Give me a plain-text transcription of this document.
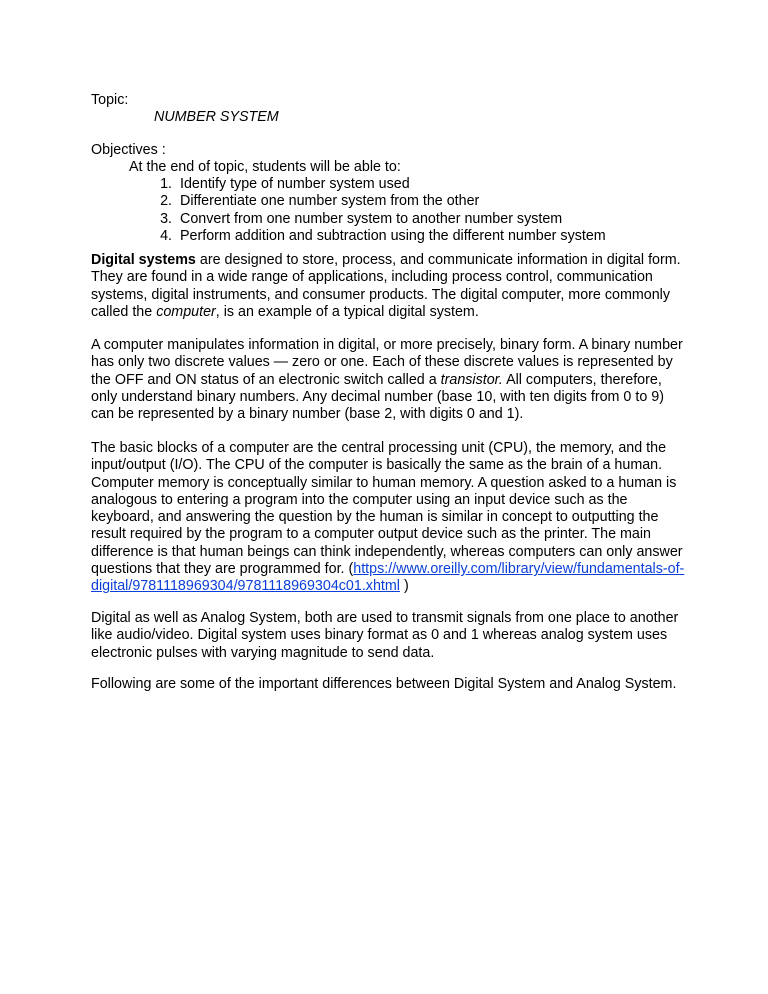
Topic:
NUMBER SYSTEM
Objectives :
At the end of topic, students will be able to:
1. Identify type of number system used
2. Differentiate one number system from the other
3. Convert from one number system to another number system
4. Perform addition and subtraction using the different number system

Digital systems are designed to store, process, and communicate information in digital form. They are found in a wide range of applications, including process control, communication systems, digital instruments, and consumer products. The digital computer, more commonly called the computer, is an example of a typical digital system.

A computer manipulates information in digital, or more precisely, binary form. A binary number has only two discrete values — zero or one. Each of these discrete values is represented by the OFF and ON status of an electronic switch called a transistor. All computers, therefore, only understand binary numbers. Any decimal number (base 10, with ten digits from 0 to 9) can be represented by a binary number (base 2, with digits 0 and 1).

The basic blocks of a computer are the central processing unit (CPU), the memory, and the input/output (I/O). The CPU of the computer is basically the same as the brain of a human. Computer memory is conceptually similar to human memory. A question asked to a human is analogous to entering a program into the computer using an input device such as the keyboard, and answering the question by the human is similar in concept to outputting the result required by the program to a computer output device such as the printer. The main difference is that human beings can think independently, whereas computers can only answer questions that they are programmed for. (https://www.oreilly.com/library/view/fundamentals-of-digital/9781118969304/9781118969304c01.xhtml )

Digital as well as Analog System, both are used to transmit signals from one place to another like audio/video. Digital system uses binary format as 0 and 1 whereas analog system uses electronic pulses with varying magnitude to send data.

Following are some of the important differences between Digital System and Analog System.
